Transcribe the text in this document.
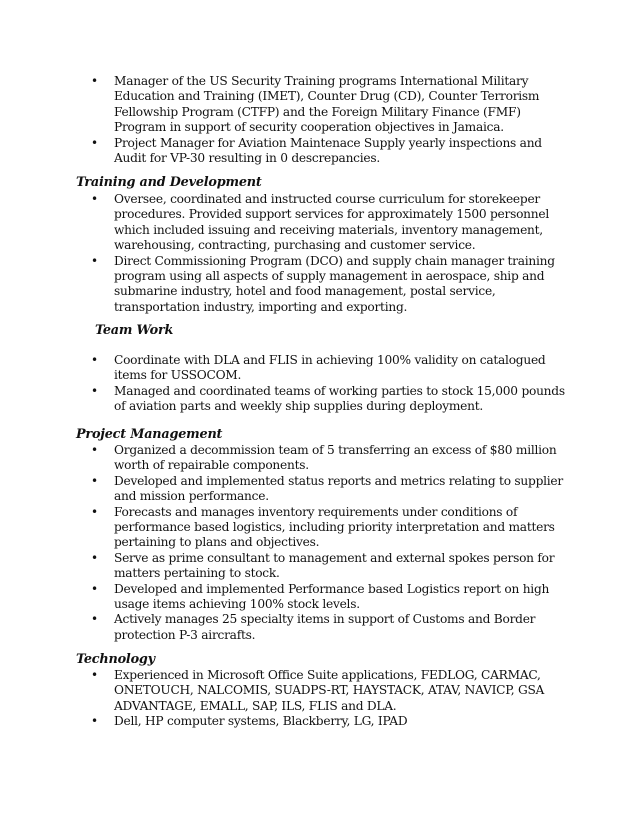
• Manager of the US Security Training programs International Military Education and Training (IMET), Counter Drug (CD), Counter Terrorism Fellowship Program (CTFP) and the Foreign Military Finance (FMF) Program in support of security cooperation objectives in Jamaica.
• Project Manager for Aviation Maintenace Supply yearly inspections and Audit for VP-30 resulting in 0 descrepancies.
Training and Development
• Oversee, coordinated and instructed course curriculum for storekeeper procedures. Provided support services for approximately 1500 personnel which included issuing and receiving materials, inventory management, warehousing, contracting, purchasing and customer service.
• Direct Commissioning Program (DCO) and supply chain manager training program using all aspects of supply management in aerospace, ship and submarine industry, hotel and food management, postal service, transportation industry, importing and exporting.
Team Work
• Coordinate with DLA and FLIS in achieving 100% validity on catalogued items for USSOCOM.
• Managed and coordinated teams of working parties to stock 15,000 pounds of aviation parts and weekly ship supplies during deployment.
Project Management
• Organized a decommission team of 5 transferring an excess of $80 million worth of repairable components.
• Developed and implemented status reports and metrics relating to supplier and mission performance.
• Forecasts and manages inventory requirements under conditions of performance based logistics, including priority interpretation and matters pertaining to plans and objectives.
• Serve as prime consultant to management and external spokes person for matters pertaining to stock.
• Developed and implemented Performance based Logistics report on high usage items achieving 100% stock levels.
• Actively manages 25 specialty items in support of Customs and Border protection P-3 aircrafts.
Technology
• Experienced in Microsoft Office Suite applications, FEDLOG, CARMAC, ONETOUCH, NALCOMIS, SUADPS-RT, HAYSTACK, ATAV, NAVICP, GSA ADVANTAGE, EMALL, SAP, ILS, FLIS and DLA.
• Dell, HP computer systems, Blackberry, LG, IPAD
